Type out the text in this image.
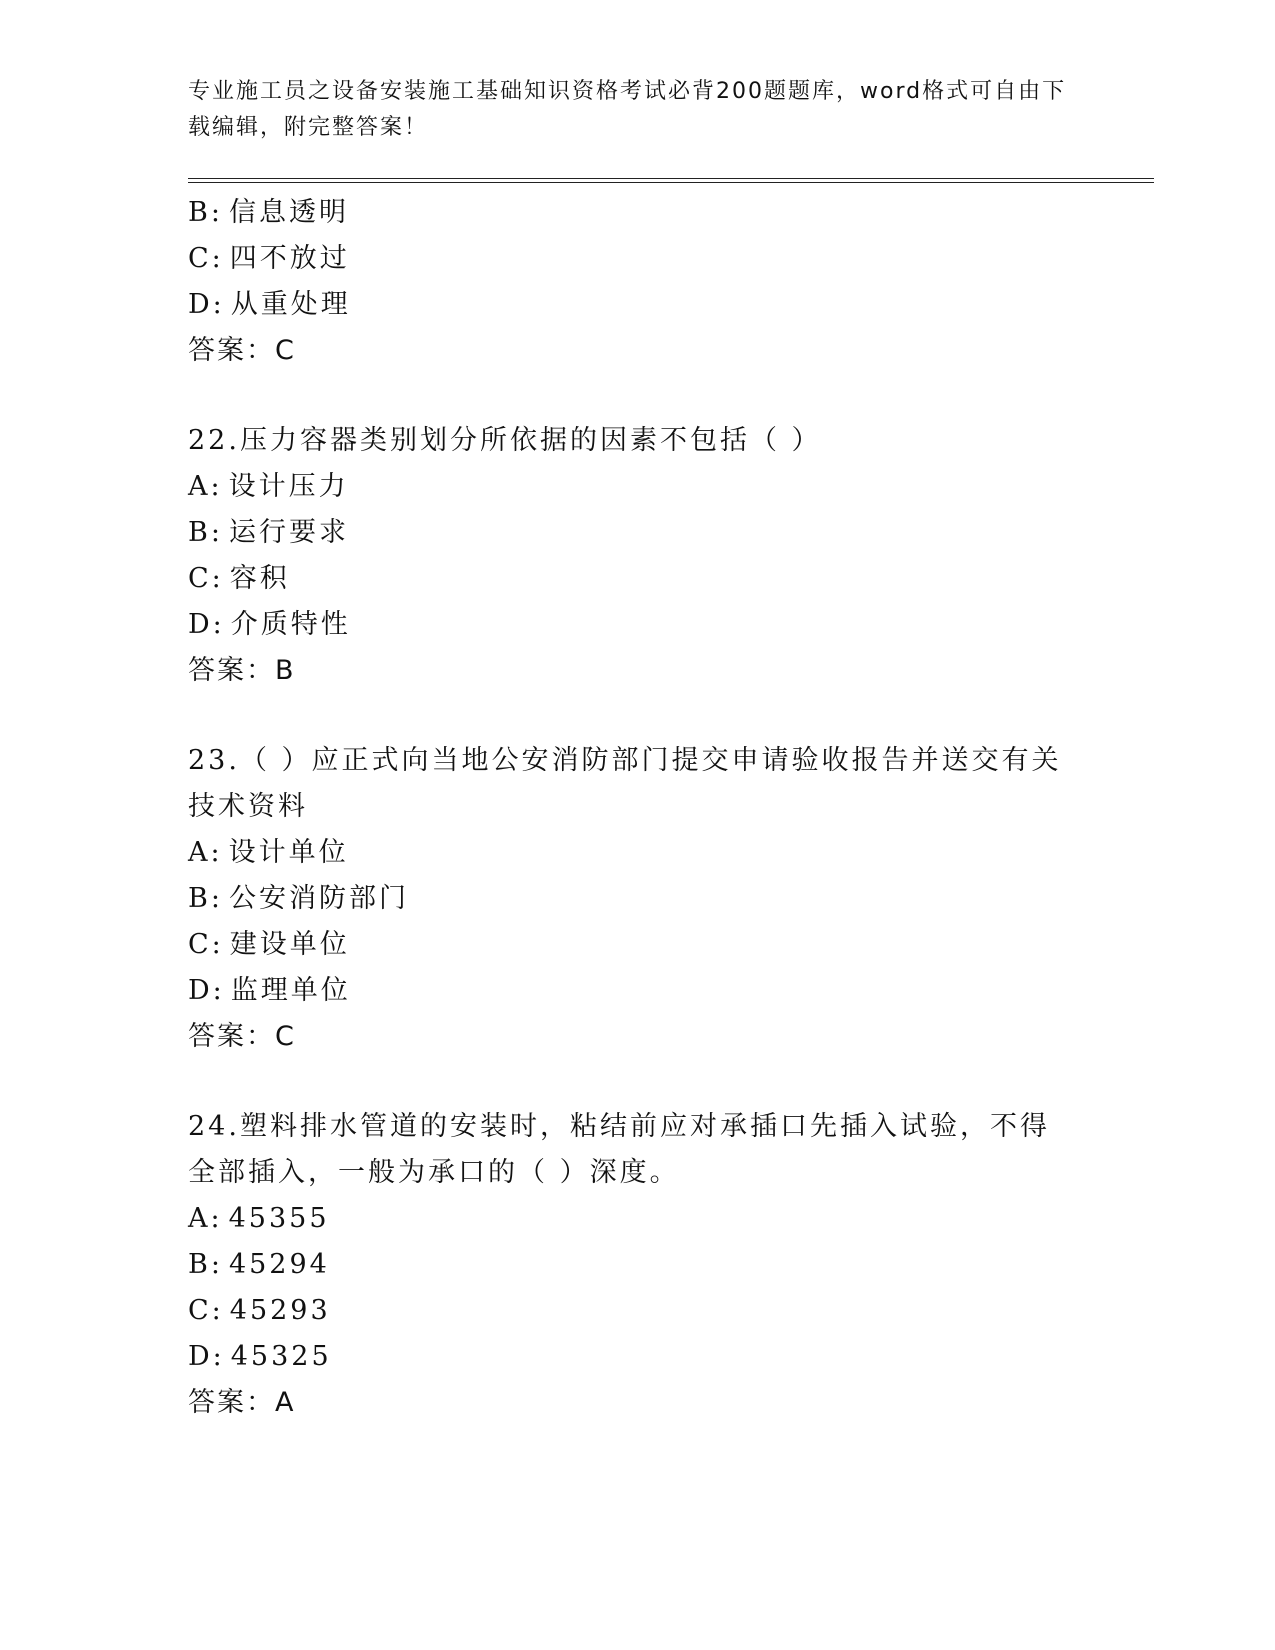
专业施工员之设备安装施工基础知识资格考试必背200题题库，word格式可自由下载编辑，附完整答案！
B: 信息透明
C: 四不放过
D: 从重处理
答案：C
22.压力容器类别划分所依据的因素不包括（ ）
A: 设计压力
B: 运行要求
C: 容积
D: 介质特性
答案：B
23.（ ）应正式向当地公安消防部门提交申请验收报告并送交有关技术资料
A: 设计单位
B: 公安消防部门
C: 建设单位
D: 监理单位
答案：C
24.塑料排水管道的安装时，粘结前应对承插口先插入试验，不得全部插入，一般为承口的（ ）深度。
A: 45355
B: 45294
C: 45293
D: 45325
答案：A
